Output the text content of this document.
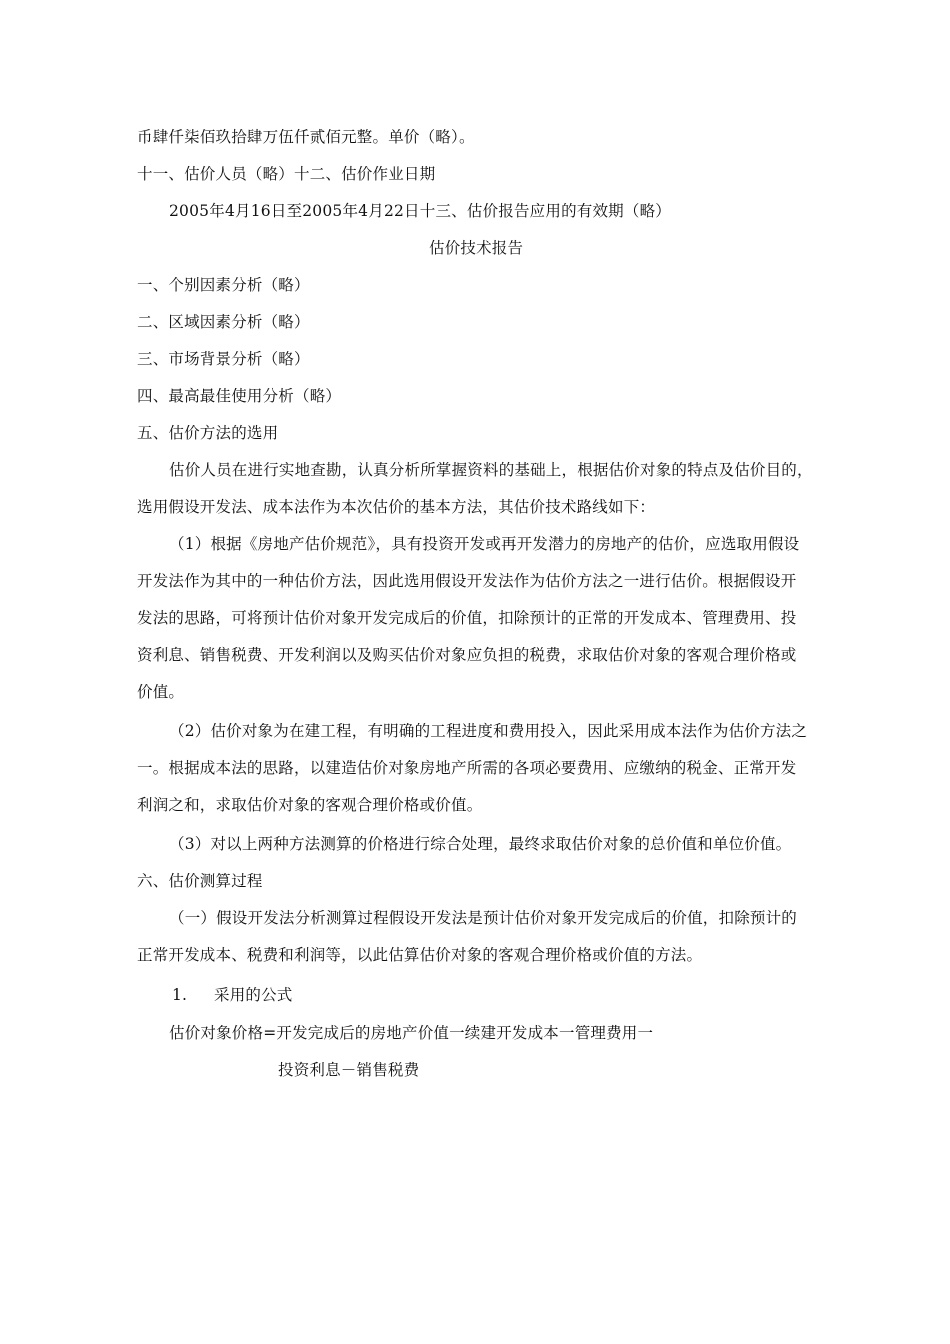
币肆仟柒佰玖拾肆万伍仟贰佰元整。单价（略）。
十一、估价人员（略）十二、估价作业日期
2005年4月16日至2005年4月22日十三、估价报告应用的有效期（略）
估价技术报告
一、个别因素分析（略）
二、区域因素分析（略）
三、市场背景分析（略）
四、最高最佳使用分析（略）
五、估价方法的选用
估价人员在进行实地查勘，认真分析所掌握资料的基础上，根据估价对象的特点及估价目的，
选用假设开发法、成本法作为本次估价的基本方法，其估价技术路线如下：
（1）根据《房地产估价规范》，具有投资开发或再开发潜力的房地产的估价，应选取用假设
开发法作为其中的一种估价方法，因此选用假设开发法作为估价方法之一进行估价。根据假设开
发法的思路，可将预计估价对象开发完成后的价值，扣除预计的正常的开发成本、管理费用、投
资利息、销售税费、开发利润以及购买估价对象应负担的税费，求取估价对象的客观合理价格或
价值。
（2）估价对象为在建工程，有明确的工程进度和费用投入，因此采用成本法作为估价方法之
一。根据成本法的思路，以建造估价对象房地产所需的各项必要费用、应缴纳的税金、正常开发
利润之和，求取估价对象的客观合理价格或价值。
（3）对以上两种方法测算的价格进行综合处理，最终求取估价对象的总价值和单位价值。
六、估价测算过程
（一）假设开发法分析测算过程假设开发法是预计估价对象开发完成后的价值，扣除预计的
正常开发成本、税费和利润等，以此估算估价对象的客观合理价格或价值的方法。
1. 采用的公式
估价对象价格=开发完成后的房地产价值一续建开发成本一管理费用一
投资利息－销售税费
